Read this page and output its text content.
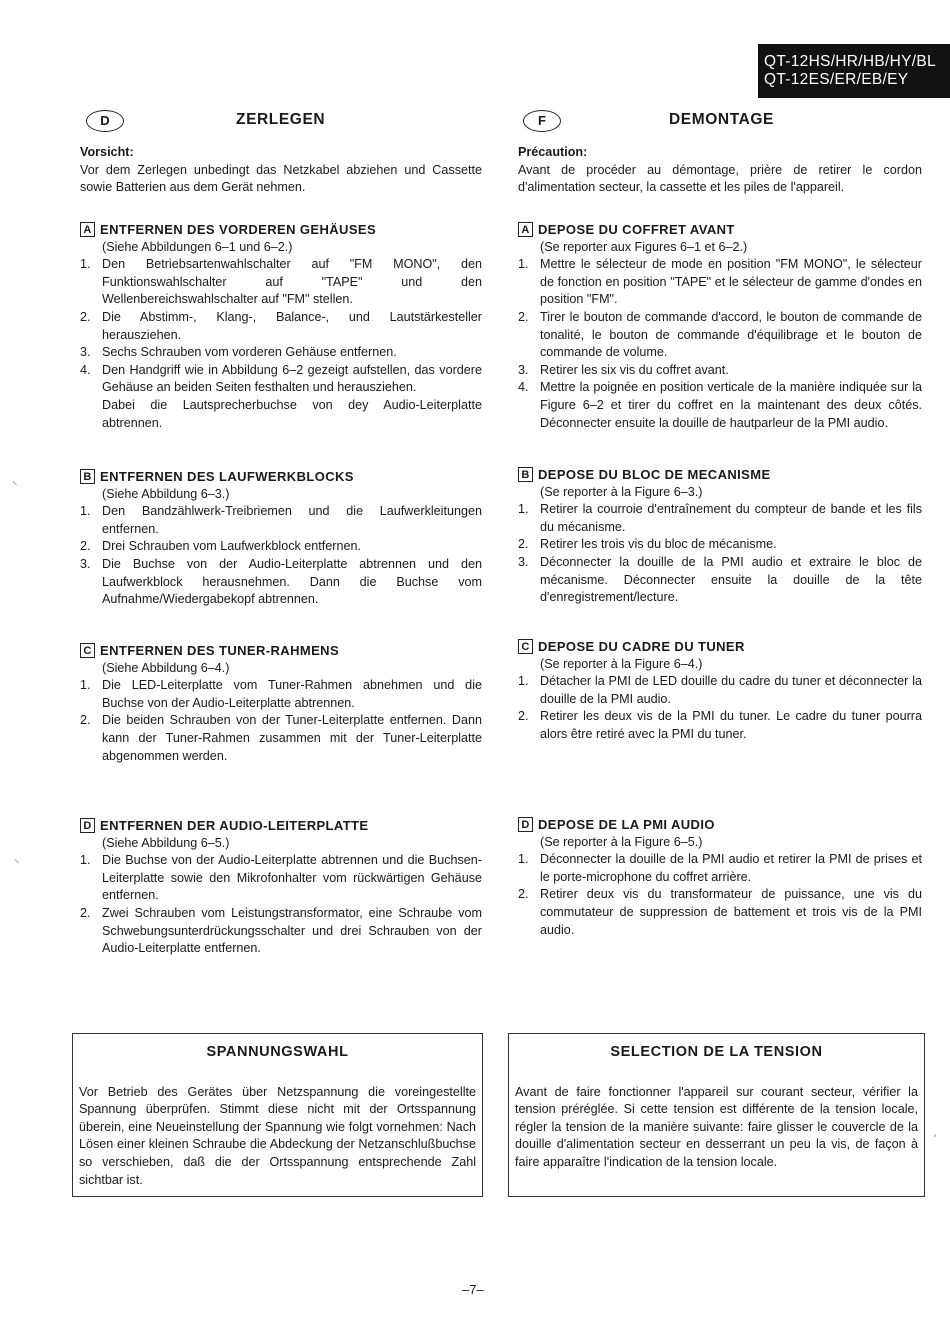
QT-12HS/HR/HB/HY/BL
QT-12ES/ER/EB/EY
D	ZERLEGEN	F	DEMONTAGE
Vorsicht:
Vor dem Zerlegen unbedingt das Netzkabel abziehen und Cassette sowie Batterien aus dem Gerät nehmen.
Précaution:
Avant de procéder au démontage, prière de retirer le cordon d'alimentation secteur, la cassette et les piles de l'appareil.
A ENTFERNEN DES VORDEREN GEHÄUSES
(Siehe Abbildungen 6–1 und 6–2.)
1. Den Betriebsartenwahlschalter auf "FM MONO", den Funktionswahlschalter auf "TAPE" und den Wellenbereichswahlschalter auf "FM" stellen.
2. Die Abstimm-, Klang-, Balance-, und Lautstärkesteller herausziehen.
3. Sechs Schrauben vom vorderen Gehäuse entfernen.
4. Den Handgriff wie in Abbildung 6–2 gezeigt aufstellen, das vordere Gehäuse an beiden Seiten festhalten und herausziehen.
Dabei die Lautsprecherbuchse von dey Audio-Leiterplatte abtrennen.
B ENTFERNEN DES LAUFWERKBLOCKS
(Siehe Abbildung 6–3.)
1. Den Bandzählwerk-Treibriemen und die Laufwerkleitungen entfernen.
2. Drei Schrauben vom Laufwerkblock entfernen.
3. Die Buchse von der Audio-Leiterplatte abtrennen und den Laufwerkblock herausnehmen. Dann die Buchse vom Aufnahme/Wiedergabekopf abtrennen.
C ENTFERNEN DES TUNER-RAHMENS
(Siehe Abbildung 6–4.)
1. Die LED-Leiterplatte vom Tuner-Rahmen abnehmen und die Buchse von der Audio-Leiterplatte abtrennen.
2. Die beiden Schrauben von der Tuner-Leiterplatte entfernen. Dann kann der Tuner-Rahmen zusammen mit der Tuner-Leiterplatte abgenommen werden.
D ENTFERNEN DER AUDIO-LEITERPLATTE
(Siehe Abbildung 6–5.)
1. Die Buchse von der Audio-Leiterplatte abtrennen und die Buchsen-Leiterplatte sowie den Mikrofonhalter vom rückwärtigen Gehäuse entfernen.
2. Zwei Schrauben vom Leistungstransformator, eine Schraube vom Schwebungsunterdrückungsschalter und drei Schrauben von der Audio-Leiterplatte entfernen.
A DEPOSE DU COFFRET AVANT
(Se reporter aux Figures 6–1 et 6–2.)
1. Mettre le sélecteur de mode en position "FM MONO", le sélecteur de fonction en position "TAPE" et le sélecteur de gamme d'ondes en position "FM".
2. Tirer le bouton de commande d'accord, le bouton de commande de tonalité, le bouton de commande d'équilibrage et le bouton de commande de volume.
3. Retirer les six vis du coffret avant.
4. Mettre la poignée en position verticale de la manière indiquée sur la Figure 6–2 et tirer du coffret en la maintenant des deux côtés. Déconnecter ensuite la douille de hautparleur de la PMI audio.
B DEPOSE DU BLOC DE MECANISME
(Se reporter à la Figure 6–3.)
1. Retirer la courroie d'entraînement du compteur de bande et les fils du mécanisme.
2. Retirer les trois vis du bloc de mécanisme.
3. Déconnecter la douille de la PMI audio et extraire le bloc de mécanisme. Déconnecter ensuite la douille de la tête d'enregistrement/lecture.
C DEPOSE DU CADRE DU TUNER
(Se reporter à la Figure 6–4.)
1. Détacher la PMI de LED douille du cadre du tuner et déconnecter la douille de la PMI audio.
2. Retirer les deux vis de la PMI du tuner. Le cadre du tuner pourra alors être retiré avec la PMI du tuner.
D DEPOSE DE LA PMI AUDIO
(Se reporter à la Figure 6–5.)
1. Déconnecter la douille de la PMI audio et retirer la PMI de prises et le porte-microphone du coffret arrière.
2. Retirer deux vis du transformateur de puissance, une vis du commutateur de suppression de battement et trois vis de la PMI audio.
SPANNUNGSWAHL
Vor Betrieb des Gerätes über Netzspannung die voreingestellte Spannung überprüfen. Stimmt diese nicht mit der Ortsspannung überein, eine Neueinstellung der Spannung wie folgt vornehmen: Nach Lösen einer kleinen Schraube die Abdeckung der Netzanschlußbuchse so verschieben, daß die der Ortsspannung entsprechende Zahl sichtbar ist.
SELECTION DE LA TENSION
Avant de faire fonctionner l'appareil sur courant secteur, vérifier la tension préréglée. Si cette tension est différente de la tension locale, régler la tension de la manière suivante: faire glisser le couvercle de la douille d'alimentation secteur en desserrant un peu la vis, de façon à faire apparaître l'indication de la tension locale.
–7–
⸌
⸌
'
